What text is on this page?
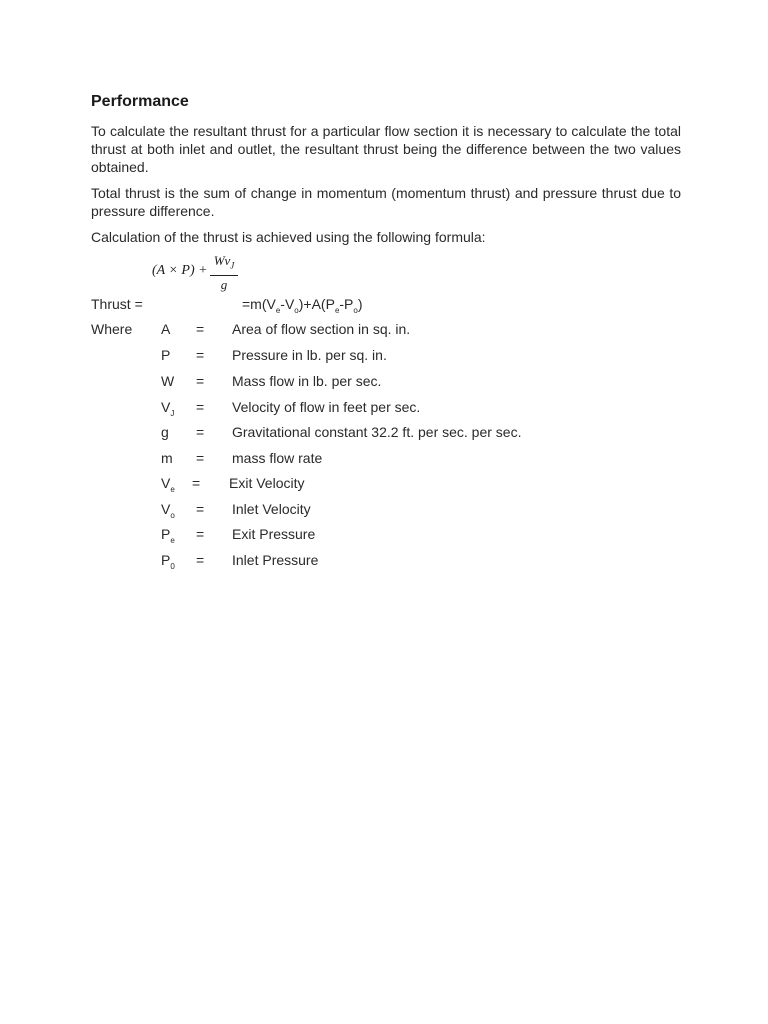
Performance
To calculate the resultant thrust for a particular flow section it is necessary to calculate the total thrust at both inlet and outlet, the resultant thrust being the difference between the two values obtained.
Total thrust is the sum of change in momentum (momentum thrust) and pressure thrust due to pressure difference.
Calculation of the thrust is achieved using the following formula:
(A × P) +
$Wv_J$
g
Thrust =	$=m(V_e-V_o)+A(P_e-P_o)$
Where A = Area of flow section in sq. in.
P = Pressure in lb. per sq. in.
W = Mass flow in lb. per sec.
$V_J$ = Velocity of flow in feet per sec.
g = Gravitational constant 32.2 ft. per sec. per sec.
m = mass flow rate
$V_e$ = Exit Velocity
$V_o$ = Inlet Velocity
$P_e$ = Exit Pressure
$P_0$ = Inlet Pressure
